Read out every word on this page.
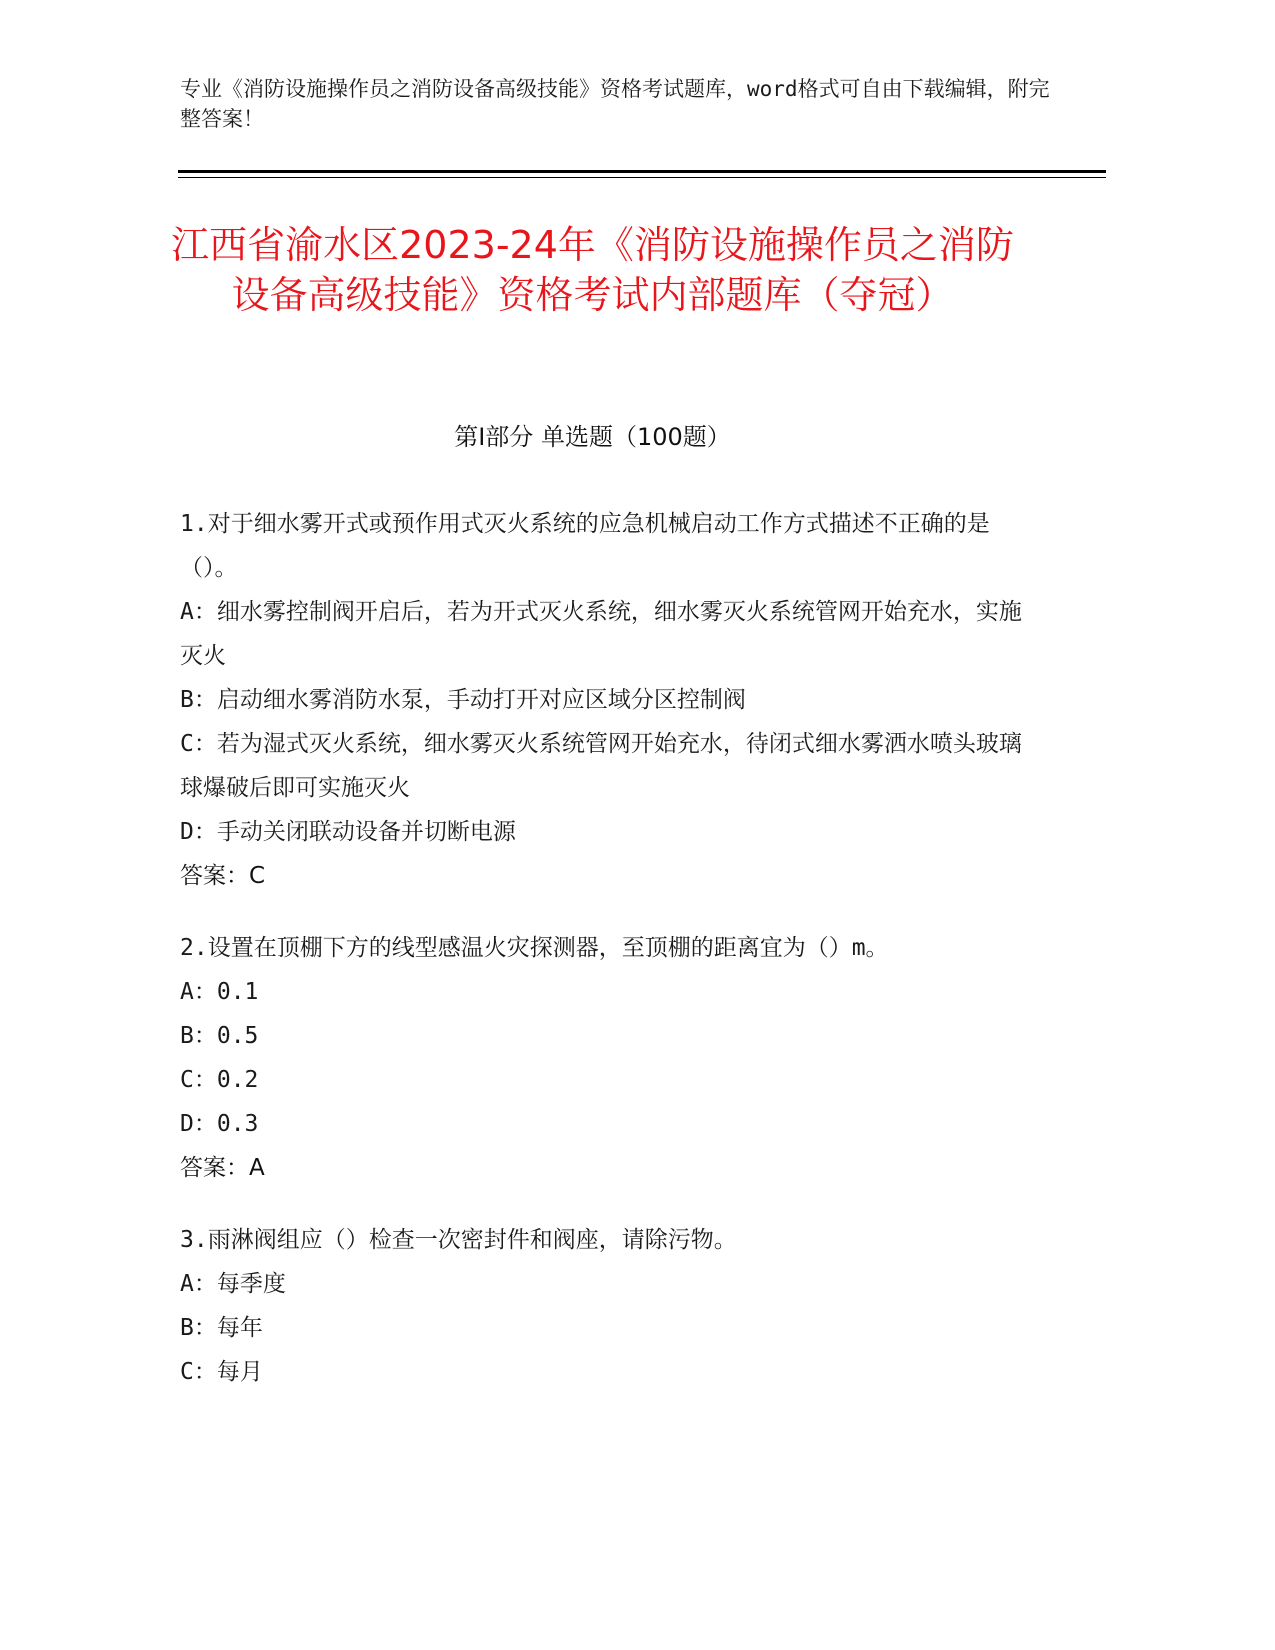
专业《消防设施操作员之消防设备高级技能》资格考试题库，word格式可自由下载编辑，附完整答案！
江西省渝水区2023-24年《消防设施操作员之消防设备高级技能》资格考试内部题库（夺冠）
第I部分 单选题（100题）

1.对于细水雾开式或预作用式灭火系统的应急机械启动工作方式描述不正确的是（）。

A：细水雾控制阀开启后，若为开式灭火系统，细水雾灭火系统管网开始充水，实施灭火

B：启动细水雾消防水泵，手动打开对应区域分区控制阀

C：若为湿式灭火系统，细水雾灭火系统管网开始充水，待闭式细水雾洒水喷头玻璃球爆破后即可实施灭火

D：手动关闭联动设备并切断电源

答案：C

2.设置在顶棚下方的线型感温火灾探测器，至顶棚的距离宜为（）m。

A：0.1

B：0.5

C：0.2

D：0.3

答案：A

3.雨淋阀组应（）检查一次密封件和阀座，请除污物。

A：每季度

B：每年

C：每月
